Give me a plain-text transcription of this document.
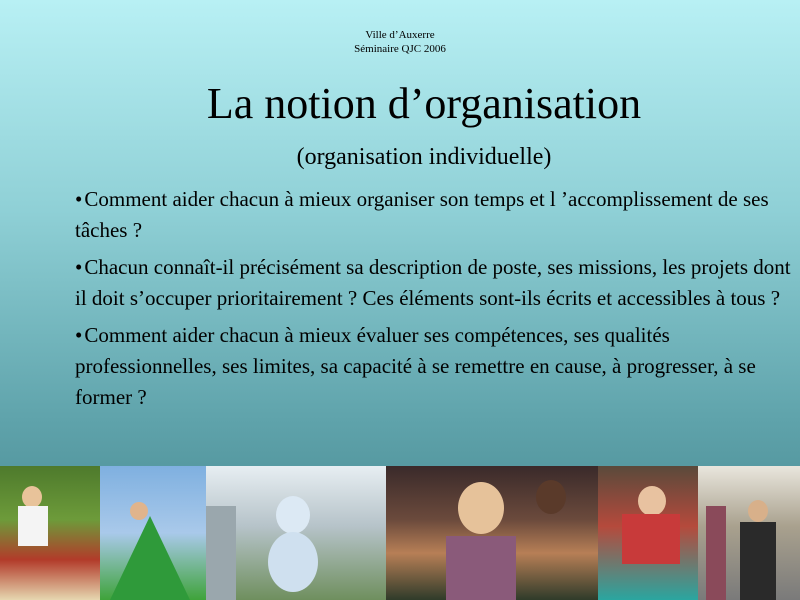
Ville d’Auxerre
Séminaire QJC 2006
La notion d’organisation
(organisation individuelle)
• Comment aider chacun à mieux organiser son temps et l ’accomplissement de ses tâches ?
• Chacun connaît-il précisément sa description de poste, ses missions, les projets dont il doit s’occuper prioritairement ? Ces éléments sont-ils écrits et accessibles à tous ?
• Comment aider chacun à mieux évaluer ses compétences, ses qualités professionnelles, ses limites, sa capacité à se remettre en cause, à progresser, à se former ?
